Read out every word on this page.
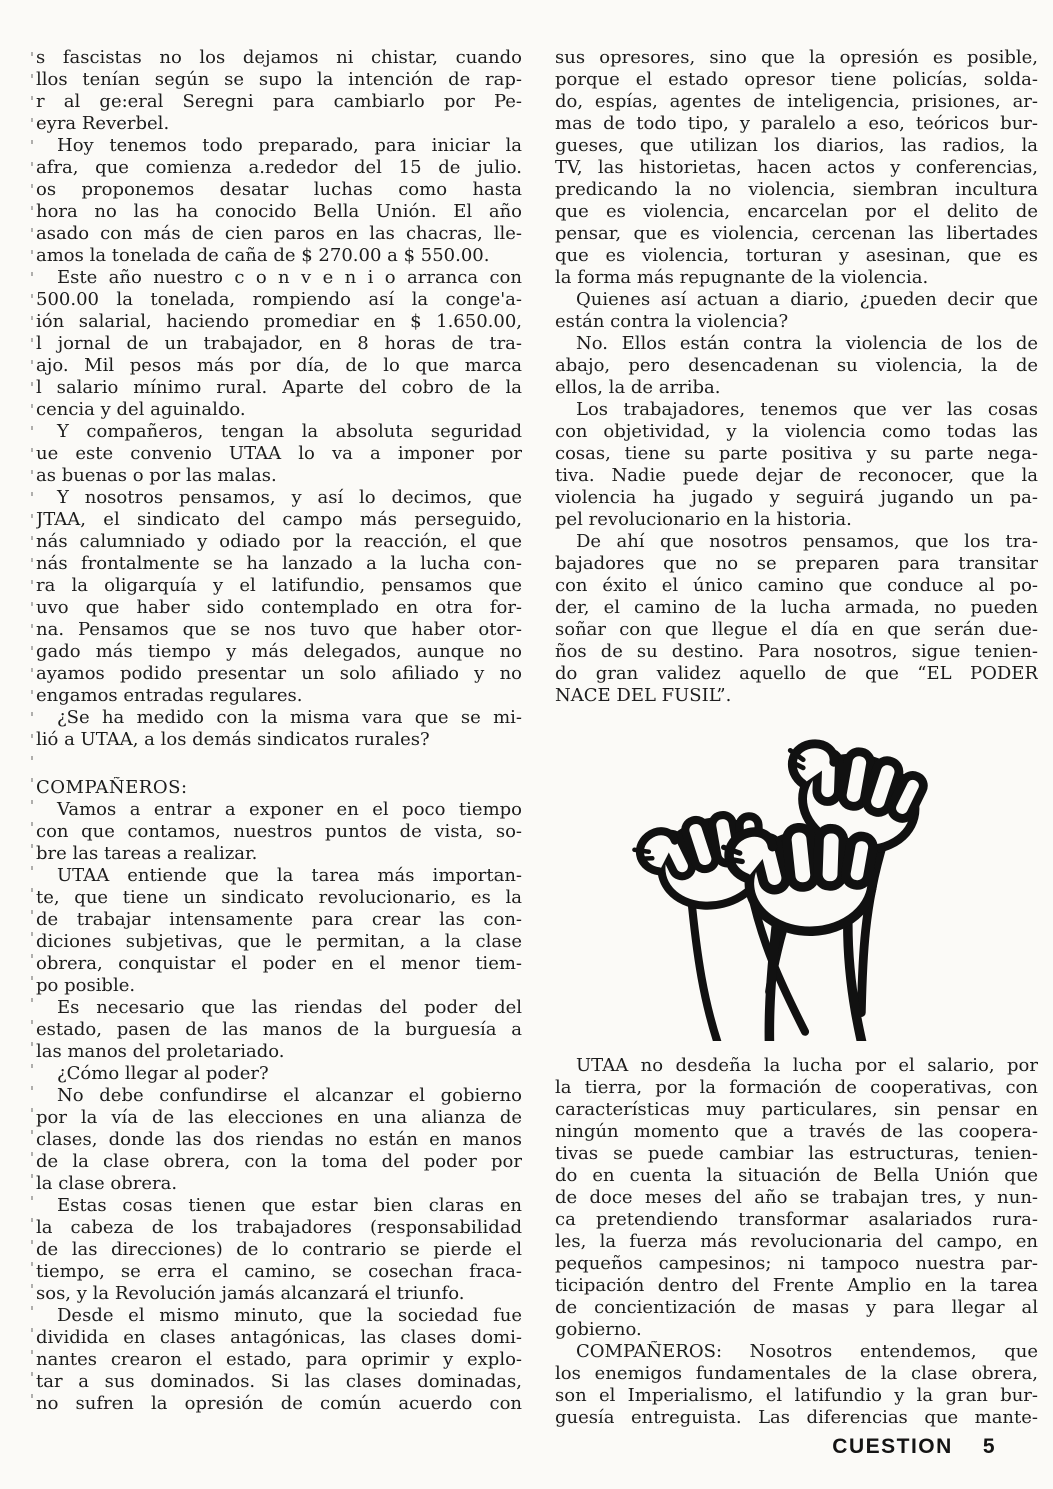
s fascistas no los dejamos ni chistar, cuando
llos tenían según se supo la intención de rap-
r al ge:eral Seregni para cambiarlo por Pe-
eyra Reverbel.
Hoy tenemos todo preparado, para iniciar la
afra, que comienza a.rededor del 15 de julio.
os proponemos desatar luchas como hasta
hora no las ha conocido Bella Unión. El año
asado con más de cien paros en las chacras, lle-
amos la tonelada de caña de $ 270.00 a $ 550.00.
Este año nuestro c o n v e n i o arranca con
500.00 la tonelada, rompiendo así la conge'a-
ión salarial, haciendo promediar en $ 1.650.00,
l jornal de un trabajador, en 8 horas de tra-
ajo. Mil pesos más por día, de lo que marca
l salario mínimo rural. Aparte del cobro de la
cencia y del aguinaldo.
Y compañeros, tengan la absoluta seguridad
ue este convenio UTAA lo va a imponer por
as buenas o por las malas.
Y nosotros pensamos, y así lo decimos, que
JTAA, el sindicato del campo más perseguido,
nás calumniado y odiado por la reacción, el que
nás frontalmente se ha lanzado a la lucha con-
ra la oligarquía y el latifundio, pensamos que
uvo que haber sido contemplado en otra for-
na. Pensamos que se nos tuvo que haber otor-
gado más tiempo y más delegados, aunque no
ayamos podido presentar un solo afiliado y no
engamos entradas regulares.
¿Se ha medido con la misma vara que se mi-
lió a UTAA, a los demás sindicatos rurales?
COMPAÑEROS:
Vamos a entrar a exponer en el poco tiempo
con que contamos, nuestros puntos de vista, so-
bre las tareas a realizar.
UTAA entiende que la tarea más importan-
te, que tiene un sindicato revolucionario, es la
de trabajar intensamente para crear las con-
diciones subjetivas, que le permitan, a la clase
obrera, conquistar el poder en el menor tiem-
po posible.
Es necesario que las riendas del poder del
estado, pasen de las manos de la burguesía a
las manos del proletariado.
¿Cómo llegar al poder?
No debe confundirse el alcanzar el gobierno
por la vía de las elecciones en una alianza de
clases, donde las dos riendas no están en manos
de la clase obrera, con la toma del poder por
la clase obrera.
Estas cosas tienen que estar bien claras en
la cabeza de los trabajadores (responsabilidad
de las direcciones) de lo contrario se pierde el
tiempo, se erra el camino, se cosechan fraca-
sos, y la Revolución jamás alcanzará el triunfo.
Desde el mismo minuto, que la sociedad fue
dividida en clases antagónicas, las clases domi-
nantes crearon el estado, para oprimir y explo-
tar a sus dominados. Si las clases dominadas,
no sufren la opresión de común acuerdo con
sus opresores, sino que la opresión es posible,
porque el estado opresor tiene policías, solda-
do, espías, agentes de inteligencia, prisiones, ar-
mas de todo tipo, y paralelo a eso, teóricos bur-
gueses, que utilizan los diarios, las radios, la
TV, las historietas, hacen actos y conferencias,
predicando la no violencia, siembran incultura
que es violencia, encarcelan por el delito de
pensar, que es violencia, cercenan las libertades
que es violencia, torturan y asesinan, que es
la forma más repugnante de la violencia.
Quienes así actuan a diario, ¿pueden decir que
están contra la violencia?
No. Ellos están contra la violencia de los de
abajo, pero desencadenan su violencia, la de
ellos, la de arriba.
Los trabajadores, tenemos que ver las cosas
con objetividad, y la violencia como todas las
cosas, tiene su parte positiva y su parte nega-
tiva. Nadie puede dejar de reconocer, que la
violencia ha jugado y seguirá jugando un pa-
pel revolucionario en la historia.
De ahí que nosotros pensamos, que los tra-
bajadores que no se preparen para transitar
con éxito el único camino que conduce al po-
der, el camino de la lucha armada, no pueden
soñar con que llegue el día en que serán due-
ños de su destino. Para nosotros, sigue tenien-
do gran validez aquello de que “EL PODER
NACE DEL FUSIL”.
UTAA no desdeña la lucha por el salario, por
la tierra, por la formación de cooperativas, con
características muy particulares, sin pensar en
ningún momento que a través de las coopera-
tivas se puede cambiar las estructuras, tenien-
do en cuenta la situación de Bella Unión que
de doce meses del año se trabajan tres, y nun-
ca pretendiendo transformar asalariados rura-
les, la fuerza más revolucionaria del campo, en
pequeños campesinos; ni tampoco nuestra par-
ticipación dentro del Frente Amplio en la tarea
de concientización de masas y para llegar al
gobierno.
COMPAÑEROS: Nosotros entendemos, que
los enemigos fundamentales de la clase obrera,
son el Imperialismo, el latifundio y la gran bur-
guesía entreguista. Las diferencias que mante-
CUESTION 5
